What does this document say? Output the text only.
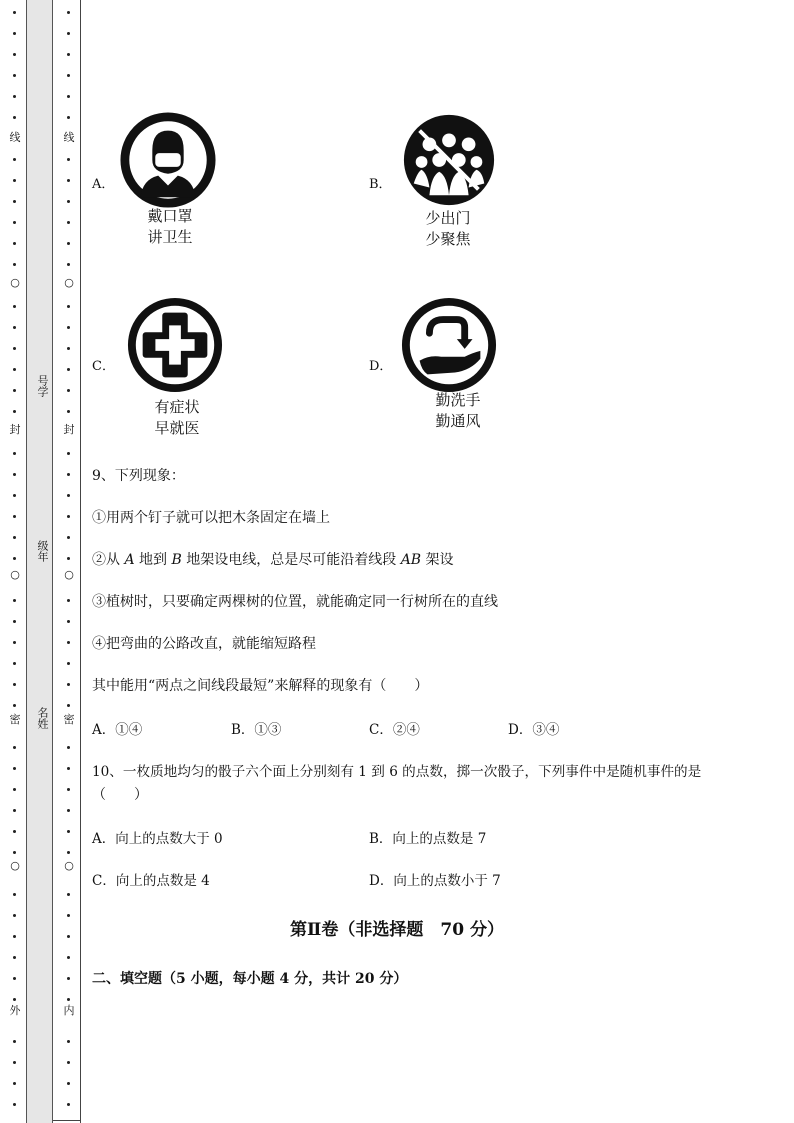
线
○
封
○
密
○
外
号学
级年
名姓
线
○
封
○
密
○
内
A．
戴口罩
讲卫生
B．
少出门
少聚焦
C．
有症状
早就医
D．
勤洗手
勤通风
9、下列现象：
①用两个钉子就可以把木条固定在墙上
②从 A 地到 B 地架设电线，总是尽可能沿着线段 AB 架设
③植树时，只要确定两棵树的位置，就能确定同一行树所在的直线
④把弯曲的公路改直，就能缩短路程
其中能用“两点之间线段最短”来解释的现象有（　　）
A．①④	B．①③	C．②④	D．③④
10、一枚质地均匀的骰子六个面上分别刻有 1 到 6 的点数，掷一次骰子，下列事件中是随机事件的是
（　　）
A．向上的点数大于 0	B．向上的点数是 7
C．向上的点数是 4	D．向上的点数小于 7
第Ⅱ卷（非选择题　70 分）
二、填空题（5 小题，每小题 4 分，共计 20 分）
